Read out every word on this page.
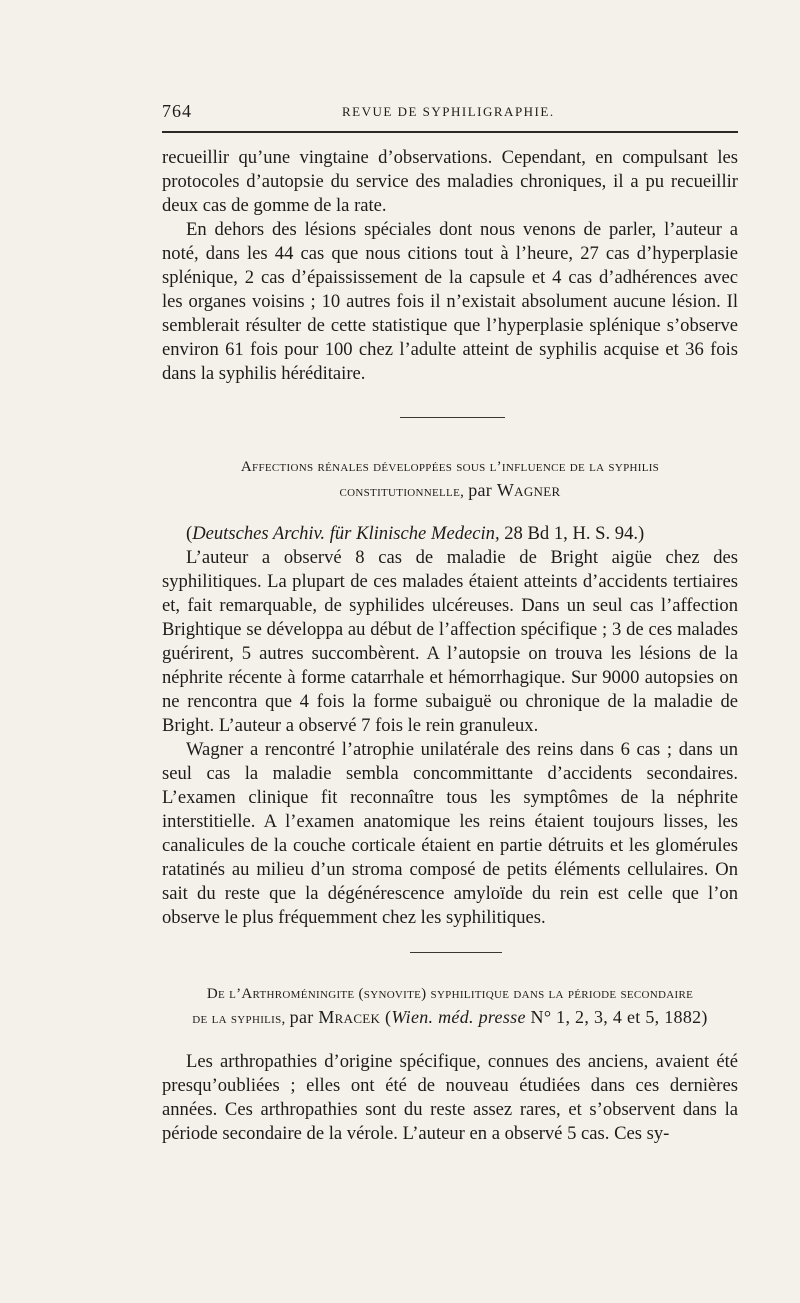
764	REVUE DE SYPHILIGRAPHIE.

recueillir qu’une vingtaine d’observations. Cependant, en compulsant les protocoles d’autopsie du service des maladies chroniques, il a pu recueillir deux cas de gomme de la rate.

En dehors des lésions spéciales dont nous venons de parler, l’auteur a noté, dans les 44 cas que nous citions tout à l’heure, 27 cas d’hyperplasie splénique, 2 cas d’épaississement de la capsule et 4 cas d’adhérences avec les organes voisins ; 10 autres fois il n’existait absolument aucune lésion. Il semblerait résulter de cette statistique que l’hyperplasie splénique s’observe environ 61 fois pour 100 chez l’adulte atteint de syphilis acquise et 36 fois dans la syphilis héréditaire.

Affections rénales développées sous l’influence de la syphilis
constitutionnelle, par Wagner

(Deutsches Archiv. für Klinische Medecin, 28 Bd 1, H. S. 94.)

L’auteur a observé 8 cas de maladie de Bright aigüe chez des syphilitiques. La plupart de ces malades étaient atteints d’accidents tertiaires et, fait remarquable, de syphilides ulcéreuses. Dans un seul cas l’affection Brightique se développa au début de l’affection spécifique ; 3 de ces malades guérirent, 5 autres succombèrent. A l’autopsie on trouva les lésions de la néphrite récente à forme catarrhale et hémorrhagique. Sur 9000 autopsies on ne rencontra que 4 fois la forme subaiguë ou chronique de la maladie de Bright. L’auteur a observé 7 fois le rein granuleux.

Wagner a rencontré l’atrophie unilatérale des reins dans 6 cas ; dans un seul cas la maladie sembla concommittante d’accidents secondaires. L’examen clinique fit reconnaître tous les symptômes de la néphrite interstitielle. A l’examen anatomique les reins étaient toujours lisses, les canalicules de la couche corticale étaient en partie détruits et les glomérules ratatinés au milieu d’un stroma composé de petits éléments cellulaires. On sait du reste que la dégénérescence amyloïde du rein est celle que l’on observe le plus fréquemment chez les syphilitiques.

De l’Arthroméningite (synovite) syphilitique dans la période secondaire
de la syphilis, par Mracek (Wien. méd. presse N° 1, 2, 3, 4 et 5, 1882)

Les arthropathies d’origine spécifique, connues des anciens, avaient été presqu’oubliées ; elles ont été de nouveau étudiées dans ces dernières années. Ces arthropathies sont du reste assez rares, et s’observent dans la période secondaire de la vérole. L’auteur en a observé 5 cas. Ces sy-
